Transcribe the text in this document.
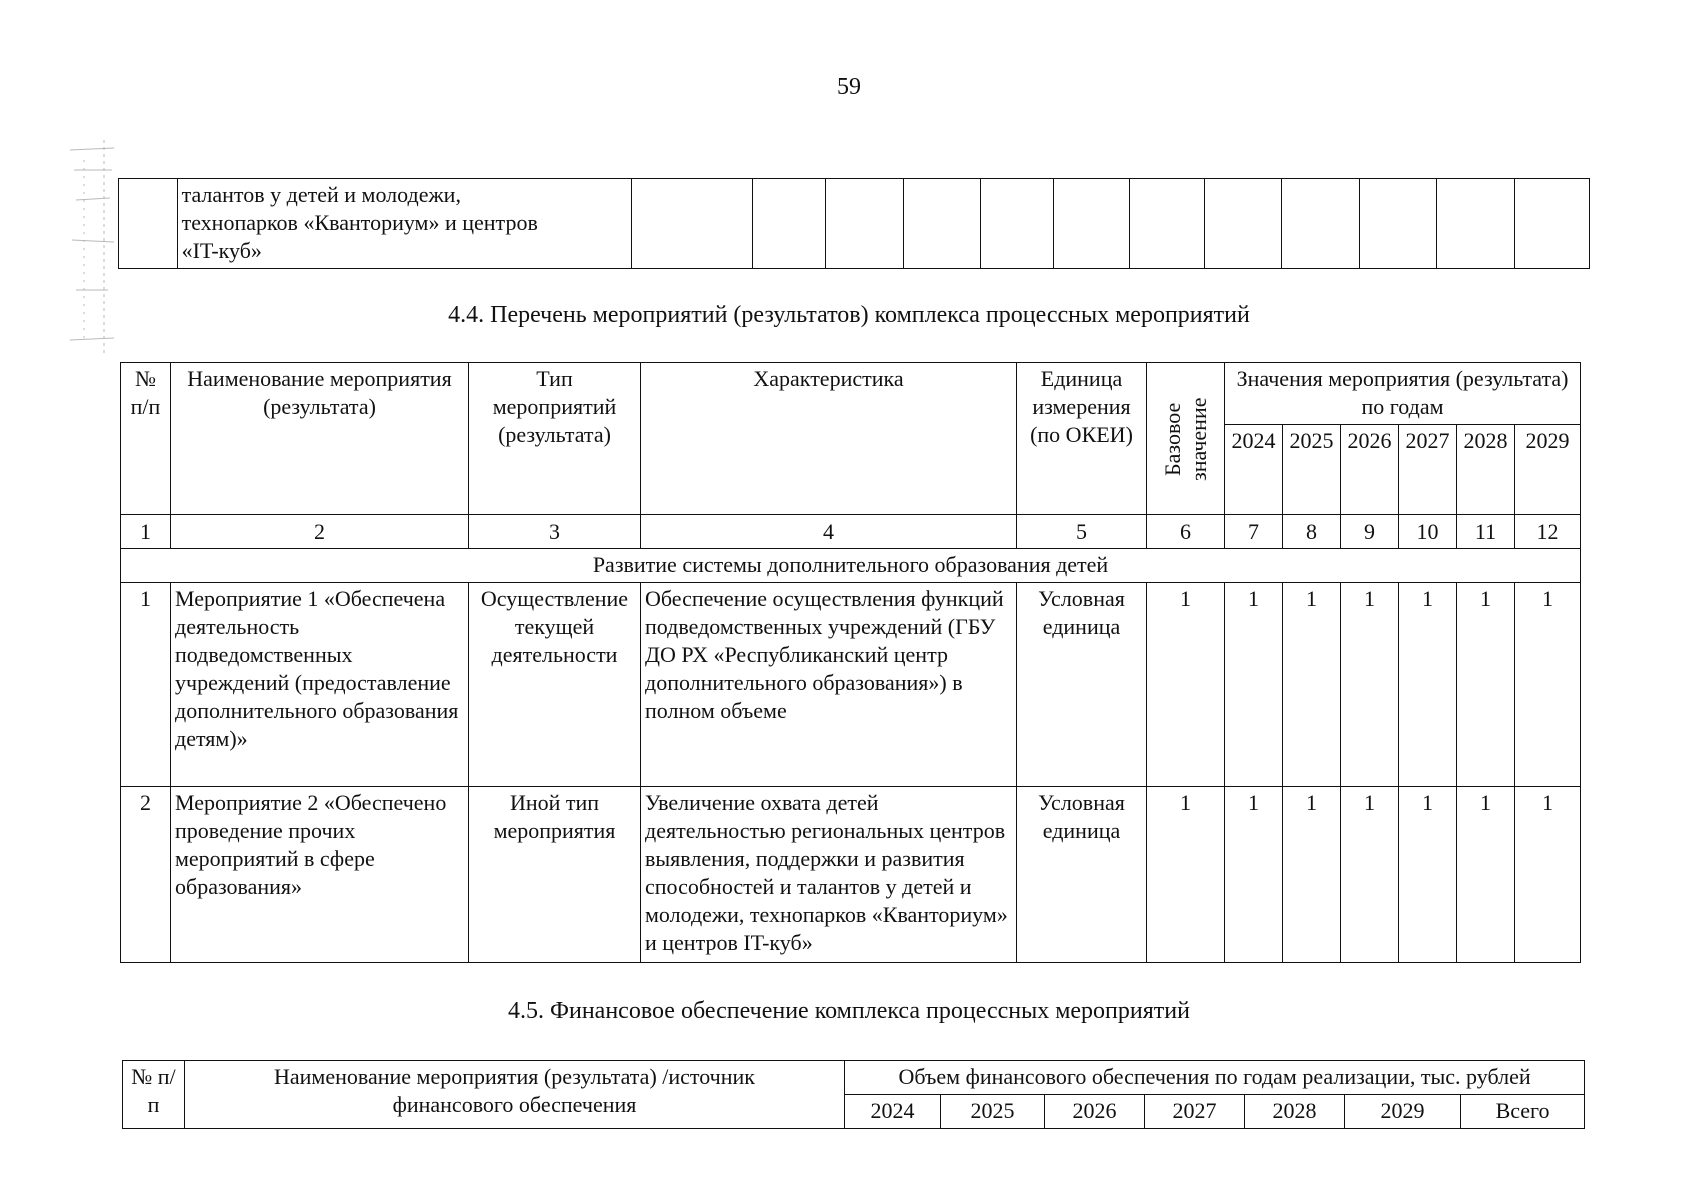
59

талантов у детей и молодежи,
технопарков «Кванториум» и центров
«IT-куб»

4.4. Перечень мероприятий (результатов) комплекса процессных мероприятий
№ п/п	Наименование мероприятия (результата)	Тип мероприятий (результата)	Характеристика	Единица измерения (по ОКЕИ)	Базовое значение	Значения мероприятия (результата) по годам					
						2024	2025	2026	2027	2028	2029
1	2	3	4	5	6	7	8	9	10	11	12
Развитие системы дополнительного образования детей											
1	Мероприятие 1 «Обеспечена деятельность подведомственных учреждений (предоставление дополнительного образования детям)»	Осуществление текущей деятельности	Обеспечение осуществления функций подведомственных учреждений (ГБУ ДО РХ «Республиканский центр дополнительного образования») в полном объеме	Условная единица	1	1	1	1	1	1	1
2	Мероприятие 2 «Обеспечено проведение прочих мероприятий в сфере образования»	Иной тип мероприятия	Увеличение охвата детей деятельностью региональных центров выявления, поддержки и развития способностей и талантов у детей и молодежи, технопарков «Кванториум» и центров IT-куб»	Условная единица	1	1	1	1	1	1	1
4.5. Финансовое обеспечение комплекса процессных мероприятий
№ п/п	Наименование мероприятия (результата) /источник финансового обеспечения	Объем финансового обеспечения по годам реализации, тыс. рублей						
		2024	2025	2026	2027	2028	2029	Всего
